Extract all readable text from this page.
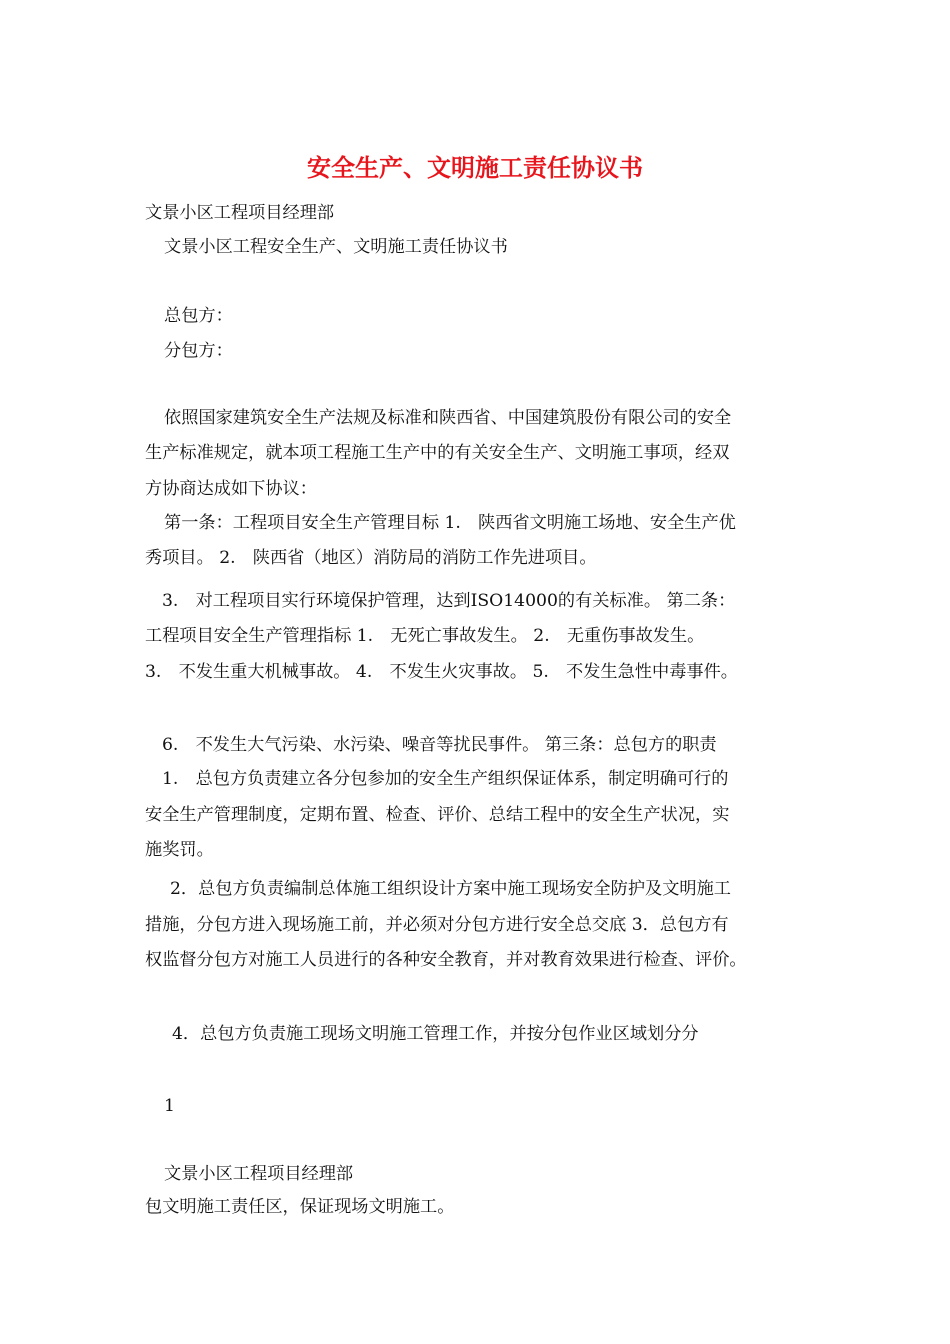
安全生产、文明施工责任协议书
文景小区工程项目经理部
文景小区工程安全生产、文明施工责任协议书
总包方：
分包方：
依照国家建筑安全生产法规及标准和陕西省、中国建筑股份有限公司的安全
生产标准规定，就本项工程施工生产中的有关安全生产、文明施工事项，经双
方协商达成如下协议：
第一条：工程项目安全生产管理目标 1.　陕西省文明施工场地、安全生产优
秀项目。 2.　陕西省（地区）消防局的消防工作先进项目。
3.　对工程项目实行环境保护管理，达到ISO14000的有关标准。 第二条：
工程项目安全生产管理指标 1.　无死亡事故发生。 2.　无重伤事故发生。
3.　不发生重大机械事故。 4.　不发生火灾事故。 5.　不发生急性中毒事件。
6.　不发生大气污染、水污染、噪音等扰民事件。 第三条：总包方的职责
1.　总包方负责建立各分包参加的安全生产组织保证体系，制定明确可行的
安全生产管理制度，定期布置、检查、评价、总结工程中的安全生产状况，实
施奖罚。
2．总包方负责编制总体施工组织设计方案中施工现场安全防护及文明施工
措施，分包方进入现场施工前，并必须对分包方进行安全总交底 3．总包方有
权监督分包方对施工人员进行的各种安全教育，并对教育效果进行检查、评价。
4．总包方负责施工现场文明施工管理工作，并按分包作业区域划分分
1
文景小区工程项目经理部
包文明施工责任区，保证现场文明施工。
